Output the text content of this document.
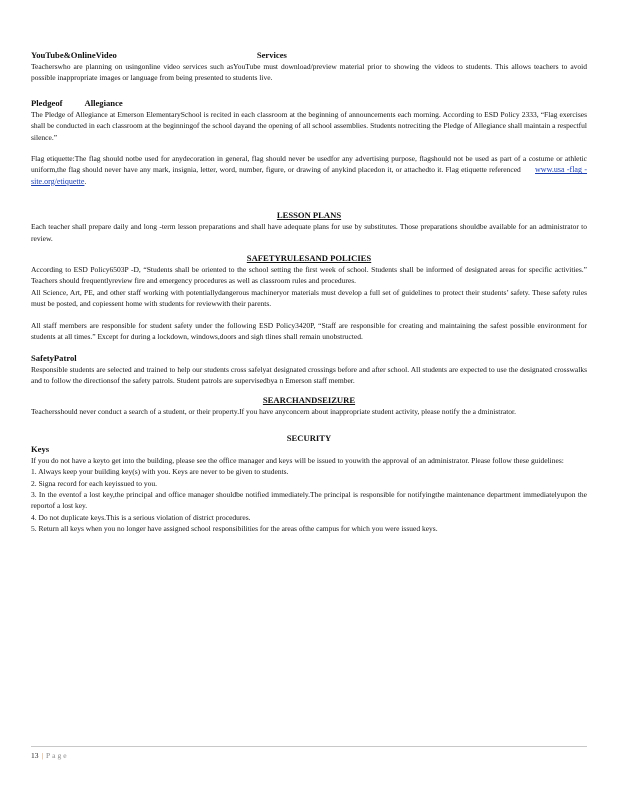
YouTube&OnlineVideo	Services

Teacherswho are planning on usingonline video services such asYouTube must download/preview material prior to showing the videos to students. This allows teachers to avoid possible inappropriate images or language from being presented to students live.

Pledgeof	Allegiance

The Pledge of Allegiance at Emerson ElementarySchool is recited in each classroom at the beginning of announcements each morning. According to ESD Policy 2333, “Flag exercises shall be conducted in each classroom at the beginningof the school dayand the opening of all school assemblies. Students notreciting the Pledge of Allegiance shall maintain a respectful silence.”

Flag etiquette:The flag should notbe used for anydecoration in general, flag should never be usedfor any advertising purpose, flagshould not be used as part of a costume or athletic uniform,the flag should never have any mark, insignia, letter, word, number, figure, or drawing of anykind placedon it, or attachedto it. Flag etiquette referenced www.usa -flag -site.org/etiquette.

LESSON PLANS

Each teacher shall prepare daily and long -term lesson preparations and shall have adequate plans for use by substitutes. Those preparations shouldbe available for an administrator to review.

SAFETYRULESAND POLICIES

According to ESD Policy6503P -D, “Students shall be oriented to the school setting the first week of school. Students shall be informed of designated areas for specific activities.” Teachers should frequentlyreview fire and emergency procedures as well as classroom rules and procedures.

All Science, Art, PE, and other staff working with potentiallydangerous machineryor materials must develop a full set of guidelines to protect their students’ safety. These safety rules must be posted, and copiessent home with students for reviewwith their parents.

All staff members are responsible for student safety under the following ESD Policy3420P, “Staff are responsible for creating and maintaining the safest possible environment for students at all times.” Except for during a lockdown, windows,doors and sigh tlines shall remain unobstructed.

SafetyPatrol

Responsible students are selected and trained to help our students cross safelyat designated crossings before and after school. All students are expected to use the designated crosswalks and to follow the directionsof the safety patrols. Student patrols are supervisedbya n Emerson staff member.

SEARCHANDSEIZURE

Teachersshould never conduct a search of a student, or their property.If you have anyconcern about inappropriate student activity, please notify the a dministrator.

SECURITY

Keys

If you do not have a keyto get into the building, please see the office manager and keys will be issued to youwith the approval of an administrator. Please follow these guidelines:

1. Always keep your building key(s) with you. Keys are never to be given to students.

2. Signa record for each keyissued to you.

3. In the eventof a lost key,the principal and office manager shouldbe notified immediately.The principal is responsible for notifyingthe maintenance department immediatelyupon the reportof a lost key.

4. Do not duplicate keys.This is a serious violation of district procedures.

5. Return all keys when you no longer have assigned school responsibilities for the areas ofthe campus for which you were issued keys.

13 | Page
